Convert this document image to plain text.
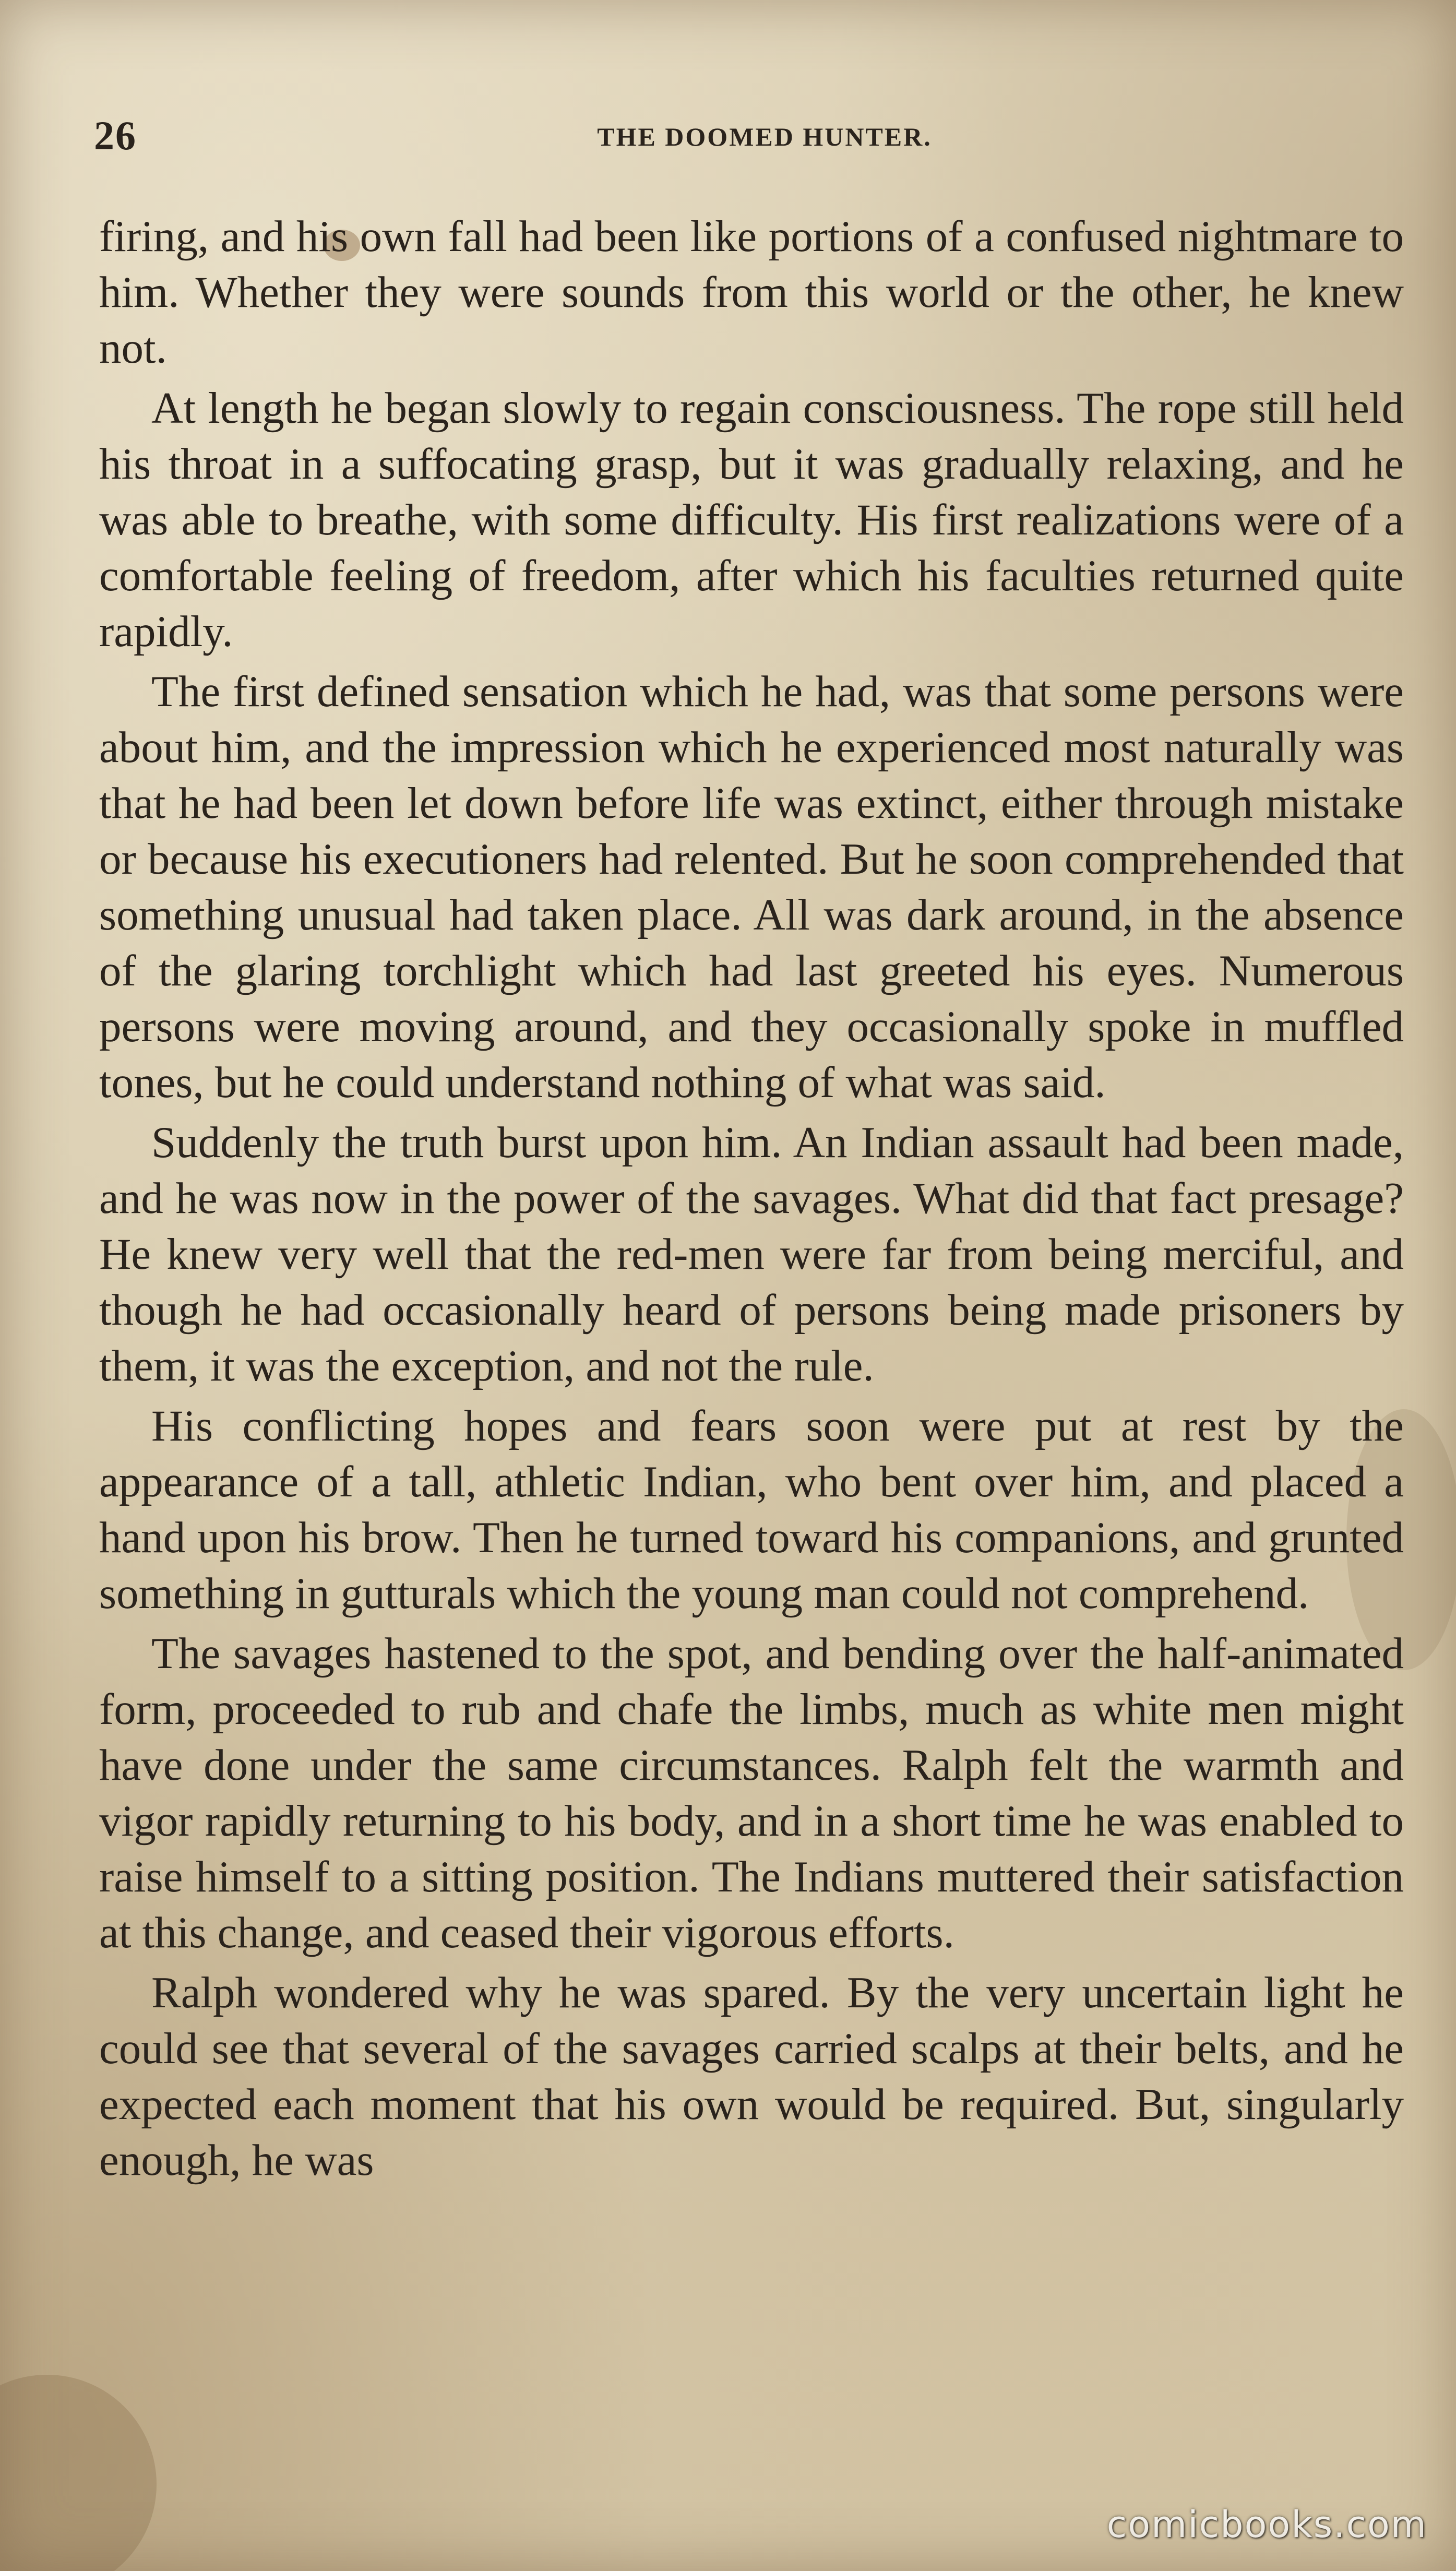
26	THE DOOMED HUNTER.

firing, and his own fall had been like portions of a confused nightmare to him. Whether they were sounds from this world or the other, he knew not.

At length he began slowly to regain consciousness. The rope still held his throat in a suffocating grasp, but it was gradually relaxing, and he was able to breathe, with some difficulty. His first realizations were of a comfortable feeling of freedom, after which his faculties returned quite rapidly.

The first defined sensation which he had, was that some persons were about him, and the impression which he experienced most naturally was that he had been let down before life was extinct, either through mistake or because his executioners had relented. But he soon comprehended that something unusual had taken place. All was dark around, in the absence of the glaring torchlight which had last greeted his eyes. Numerous persons were moving around, and they occasionally spoke in muffled tones, but he could understand nothing of what was said.

Suddenly the truth burst upon him. An Indian assault had been made, and he was now in the power of the savages. What did that fact presage? He knew very well that the red-men were far from being merciful, and though he had occasionally heard of persons being made prisoners by them, it was the exception, and not the rule.

His conflicting hopes and fears soon were put at rest by the appearance of a tall, athletic Indian, who bent over him, and placed a hand upon his brow. Then he turned toward his companions, and grunted something in gutturals which the young man could not comprehend.

The savages hastened to the spot, and bending over the half-animated form, proceeded to rub and chafe the limbs, much as white men might have done under the same circumstances. Ralph felt the warmth and vigor rapidly returning to his body, and in a short time he was enabled to raise himself to a sitting position. The Indians muttered their satisfaction at this change, and ceased their vigorous efforts.

Ralph wondered why he was spared. By the very uncertain light he could see that several of the savages carried scalps at their belts, and he expected each moment that his own would be required. But, singularly enough, he was

comicbooks.com
